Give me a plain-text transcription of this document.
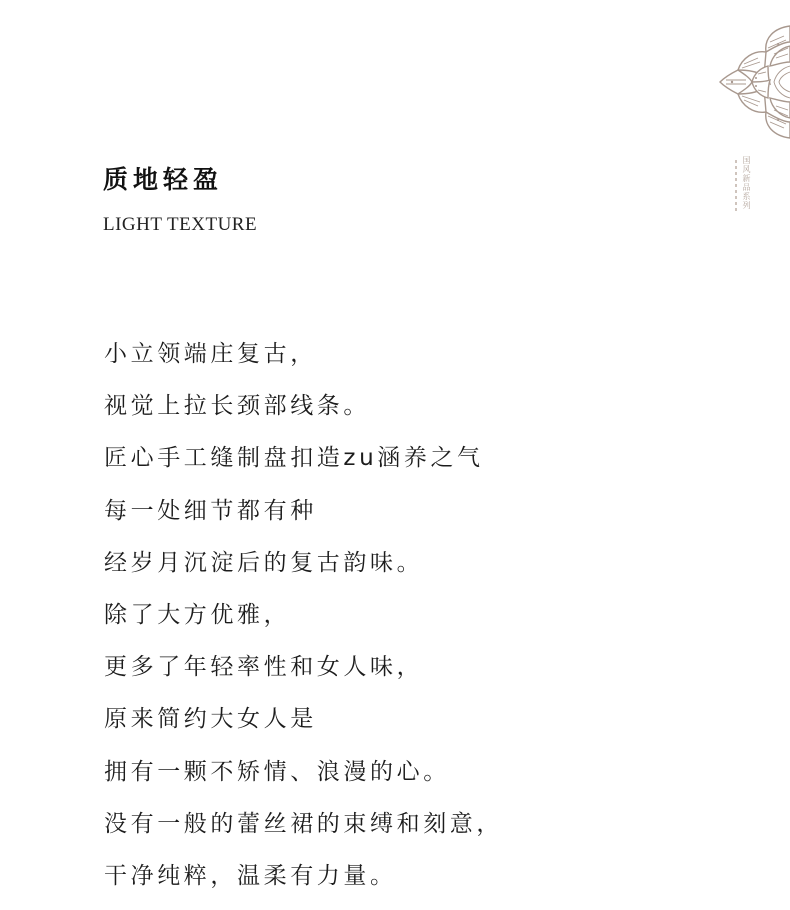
质地轻盈
LIGHT TEXTURE
小立领端庄复古，
视觉上拉长颈部线条。
匠心手工缝制盘扣造zu涵养之气
每一处细节都有种
经岁月沉淀后的复古韵味。
除了大方优雅，
更多了年轻率性和女人味，
原来简约大女人是
拥有一颗不矫情、浪漫的心。
没有一般的蕾丝裙的束缚和刻意，
干净纯粹，温柔有力量。
国风新品系列
